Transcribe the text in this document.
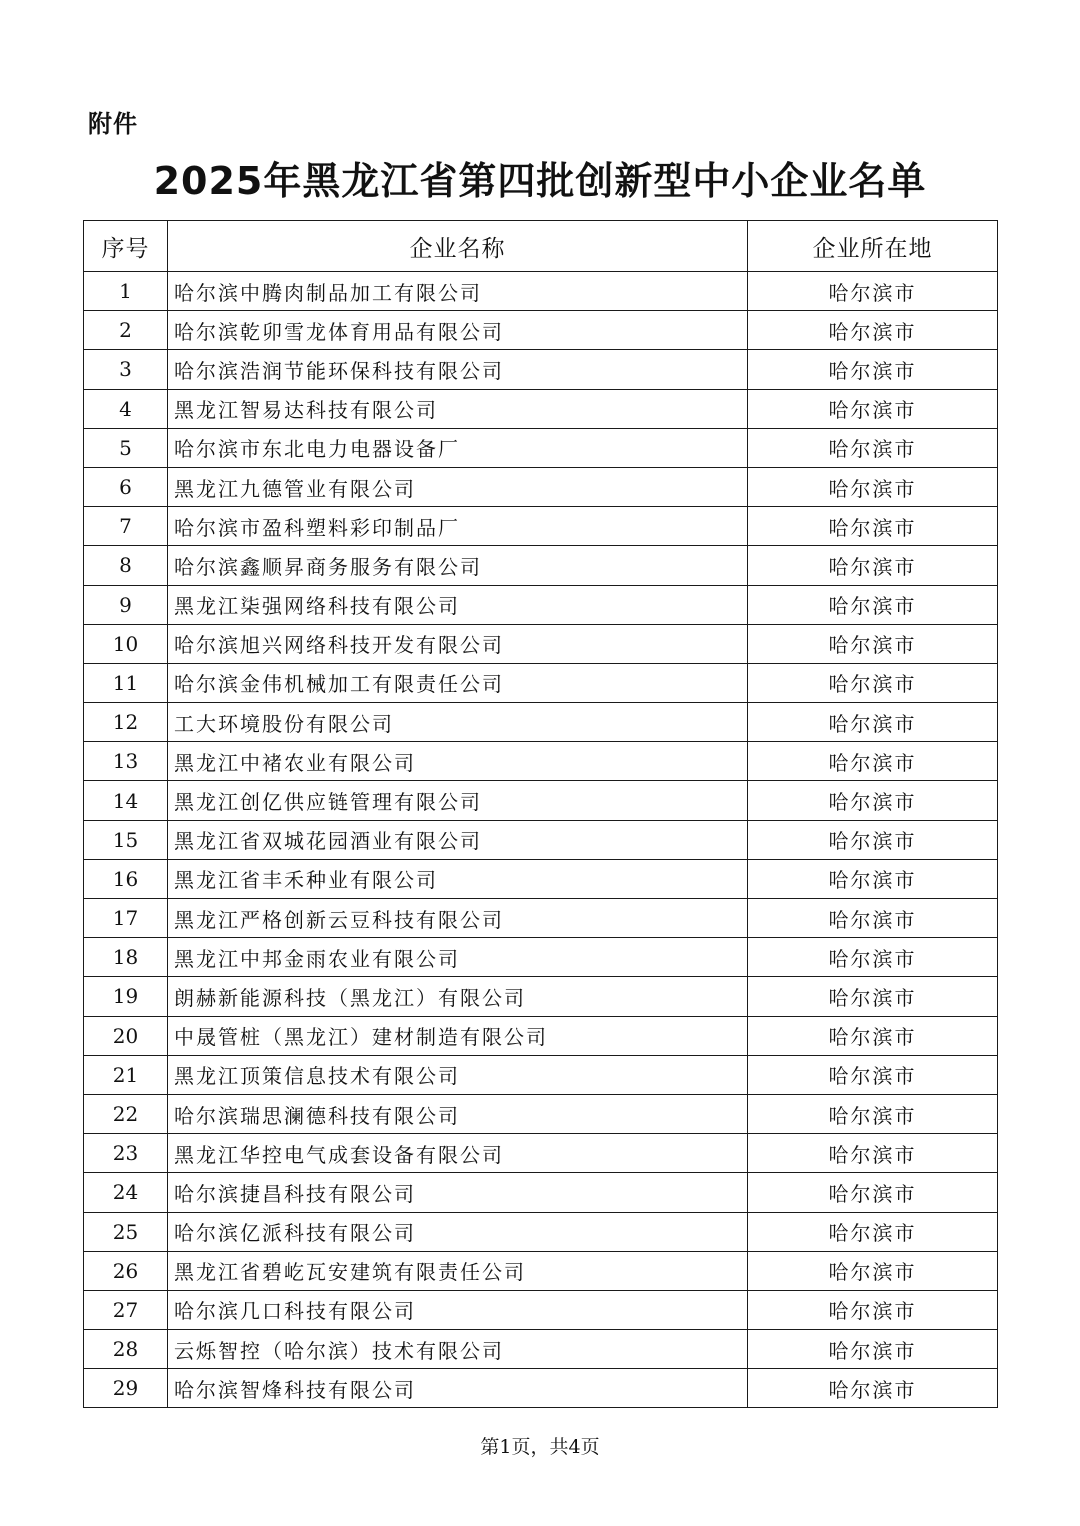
附件
2025年黑龙江省第四批创新型中小企业名单
序号	企业名称	企业所在地
1	哈尔滨中腾肉制品加工有限公司	哈尔滨市
2	哈尔滨乾卯雪龙体育用品有限公司	哈尔滨市
3	哈尔滨浩润节能环保科技有限公司	哈尔滨市
4	黑龙江智易达科技有限公司	哈尔滨市
5	哈尔滨市东北电力电器设备厂	哈尔滨市
6	黑龙江九德管业有限公司	哈尔滨市
7	哈尔滨市盈科塑料彩印制品厂	哈尔滨市
8	哈尔滨鑫顺昇商务服务有限公司	哈尔滨市
9	黑龙江柒强网络科技有限公司	哈尔滨市
10	哈尔滨旭兴网络科技开发有限公司	哈尔滨市
11	哈尔滨金伟机械加工有限责任公司	哈尔滨市
12	工大环境股份有限公司	哈尔滨市
13	黑龙江中褚农业有限公司	哈尔滨市
14	黑龙江创亿供应链管理有限公司	哈尔滨市
15	黑龙江省双城花园酒业有限公司	哈尔滨市
16	黑龙江省丰禾种业有限公司	哈尔滨市
17	黑龙江严格创新云豆科技有限公司	哈尔滨市
18	黑龙江中邦金雨农业有限公司	哈尔滨市
19	朗赫新能源科技（黑龙江）有限公司	哈尔滨市
20	中晟管桩（黑龙江）建材制造有限公司	哈尔滨市
21	黑龙江顶策信息技术有限公司	哈尔滨市
22	哈尔滨瑞思澜德科技有限公司	哈尔滨市
23	黑龙江华控电气成套设备有限公司	哈尔滨市
24	哈尔滨捷昌科技有限公司	哈尔滨市
25	哈尔滨亿派科技有限公司	哈尔滨市
26	黑龙江省碧屹瓦安建筑有限责任公司	哈尔滨市
27	哈尔滨几口科技有限公司	哈尔滨市
28	云烁智控（哈尔滨）技术有限公司	哈尔滨市
29	哈尔滨智烽科技有限公司	哈尔滨市
第1页，共4页
